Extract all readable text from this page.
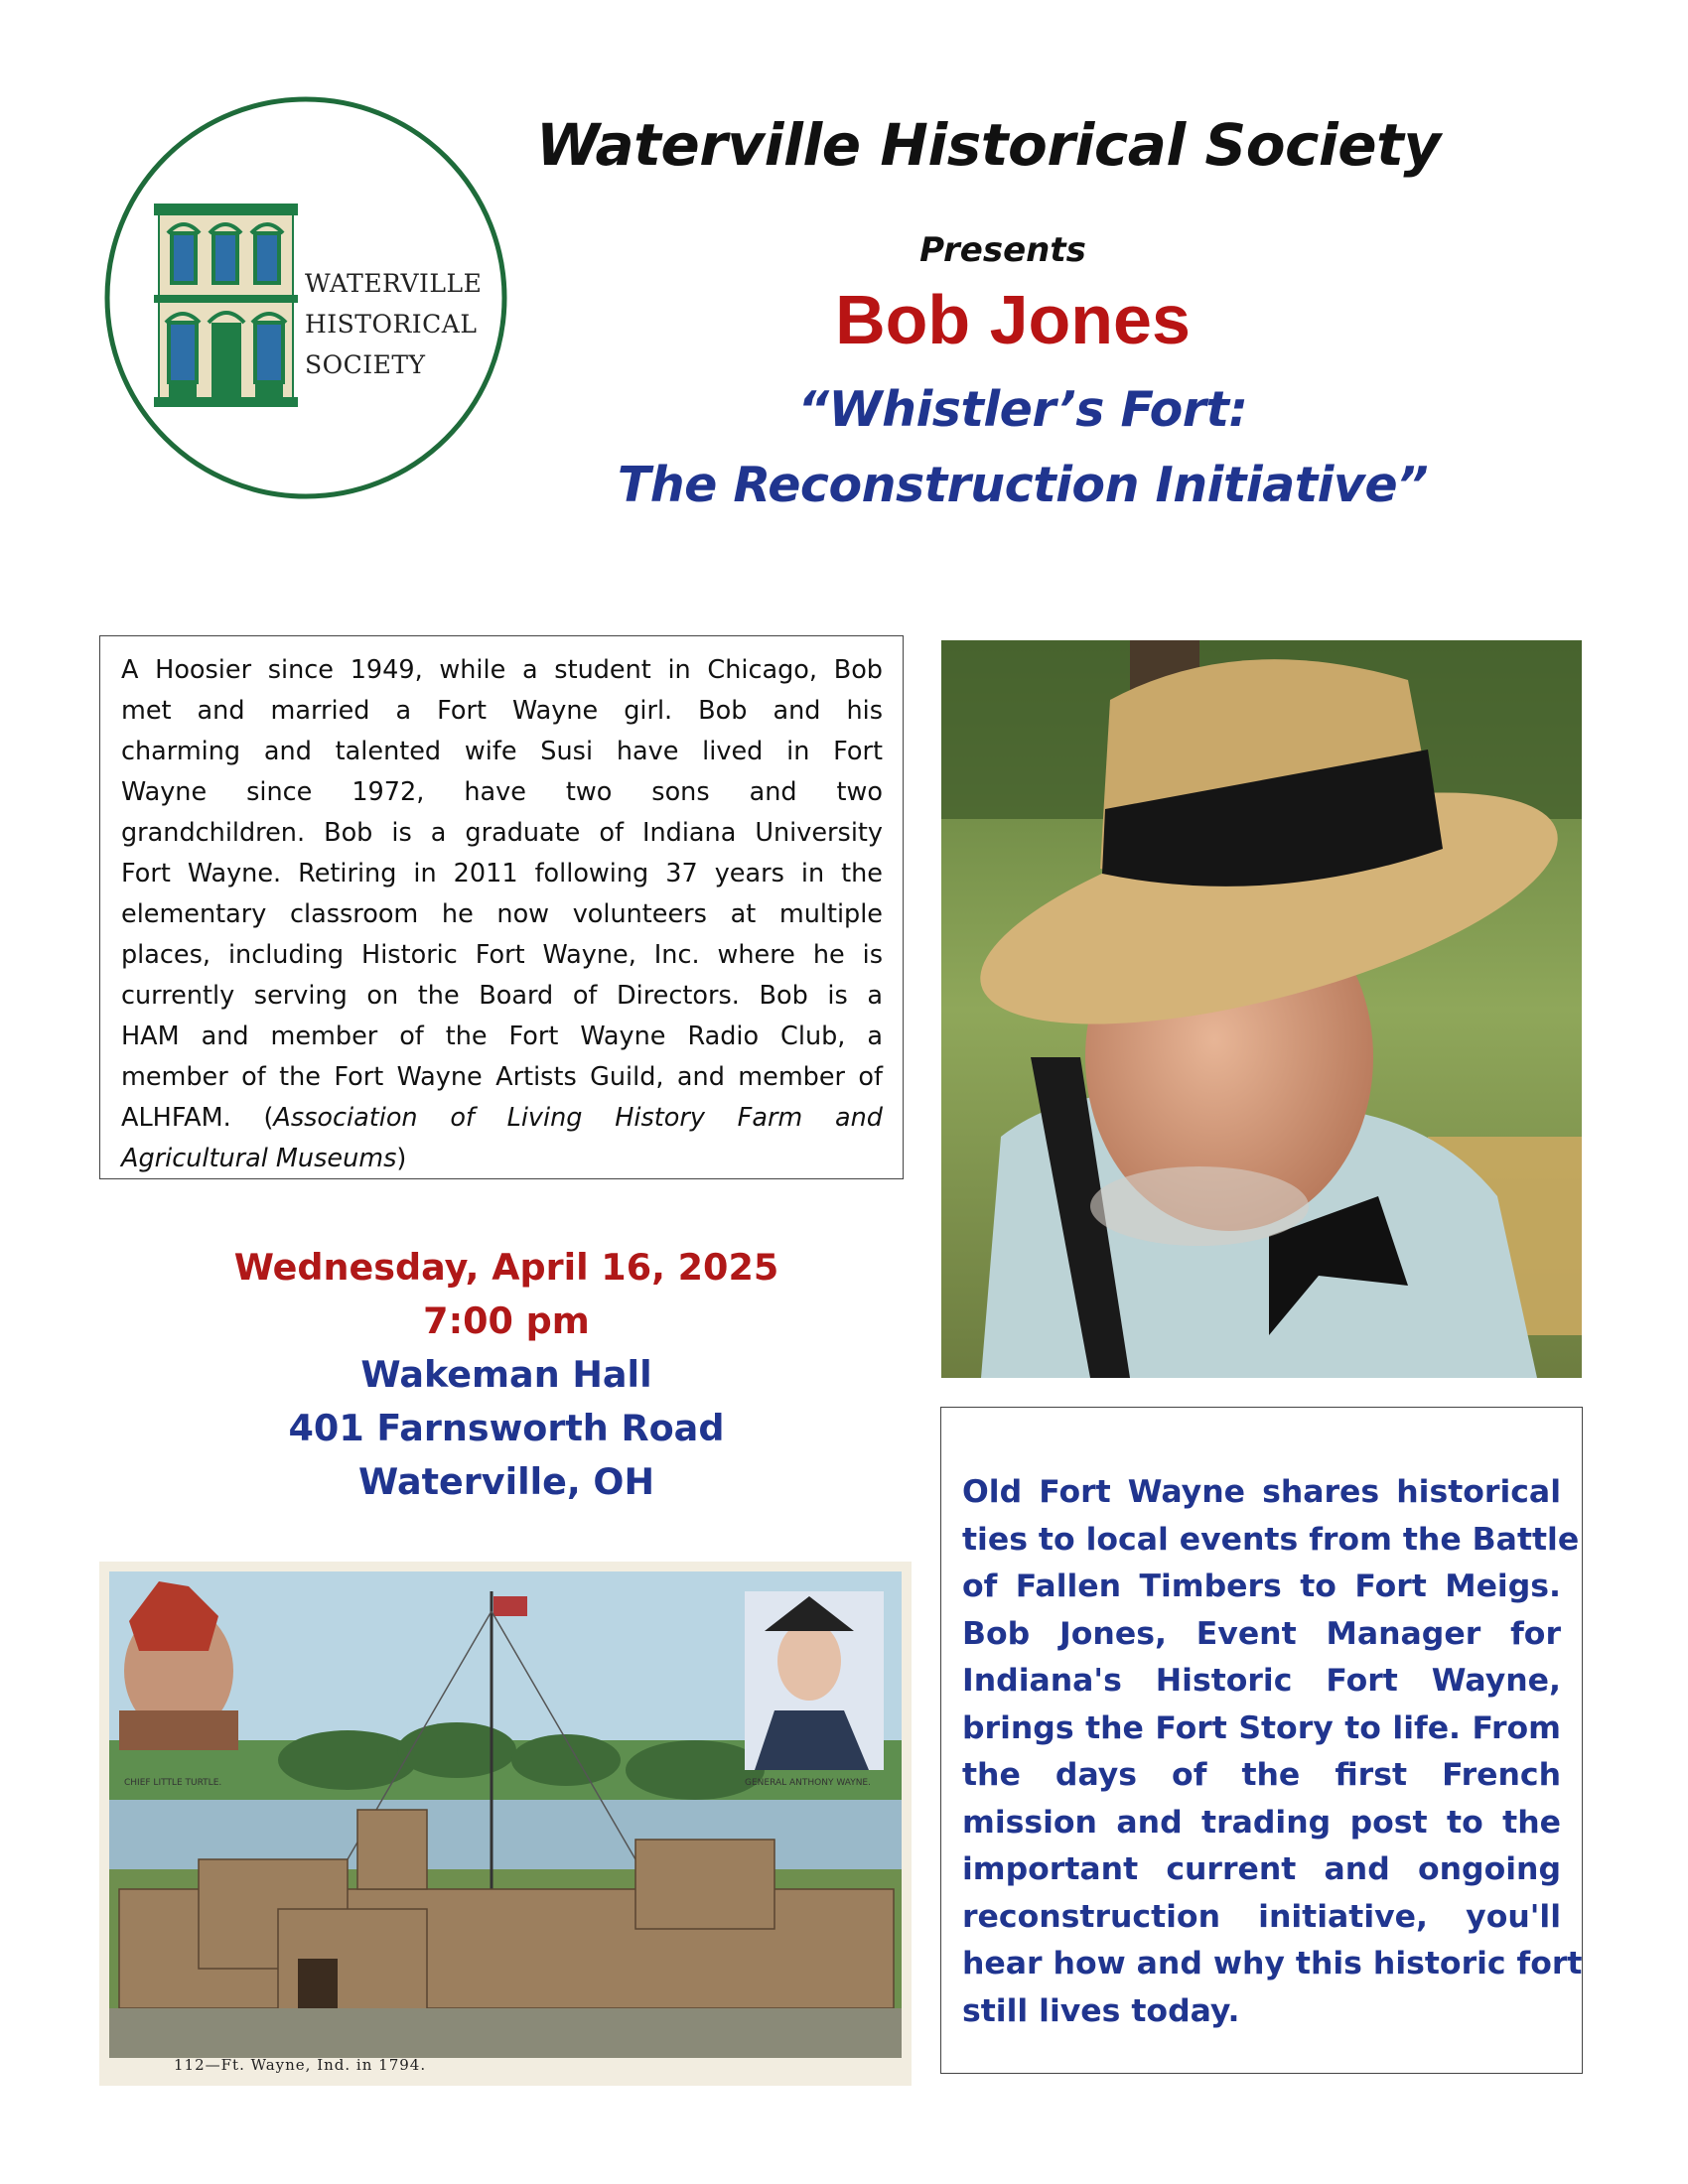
WATERVILLE
HISTORICAL
SOCIETY
Waterville Historical Society
Presents
Bob Jones
“Whistler’s Fort:
The Reconstruction Initiative”
A Hoosier since 1949, while a student in Chicago, Bob
met and married a Fort Wayne girl. Bob and his
charming and talented wife Susi have lived in Fort
Wayne since 1972, have two sons and two
grandchildren. Bob is a graduate of Indiana University
Fort Wayne. Retiring in 2011 following 37 years in the
elementary classroom he now volunteers at multiple
places, including Historic Fort Wayne, Inc. where he is
currently serving on the Board of Directors. Bob is a
HAM and member of the Fort Wayne Radio Club, a
member of the Fort Wayne Artists Guild, and member of
ALHFAM. (Association of Living History Farm and
Agricultural Museums)
Wednesday, April 16, 2025
7:00 pm
Wakeman Hall
401 Farnsworth Road
Waterville, OH
CHIEF LITTLE TURTLE.	GENERAL ANTHONY WAYNE.
112—Ft. Wayne, Ind. in 1794.
Old Fort Wayne shares historical
ties to local events from the Battle
of Fallen Timbers to Fort Meigs.
Bob Jones, Event Manager for
Indiana's Historic Fort Wayne,
brings the Fort Story to life. From
the days of the first French
mission and trading post to the
important current and ongoing
reconstruction initiative, you'll
hear how and why this historic fort
still lives today.
